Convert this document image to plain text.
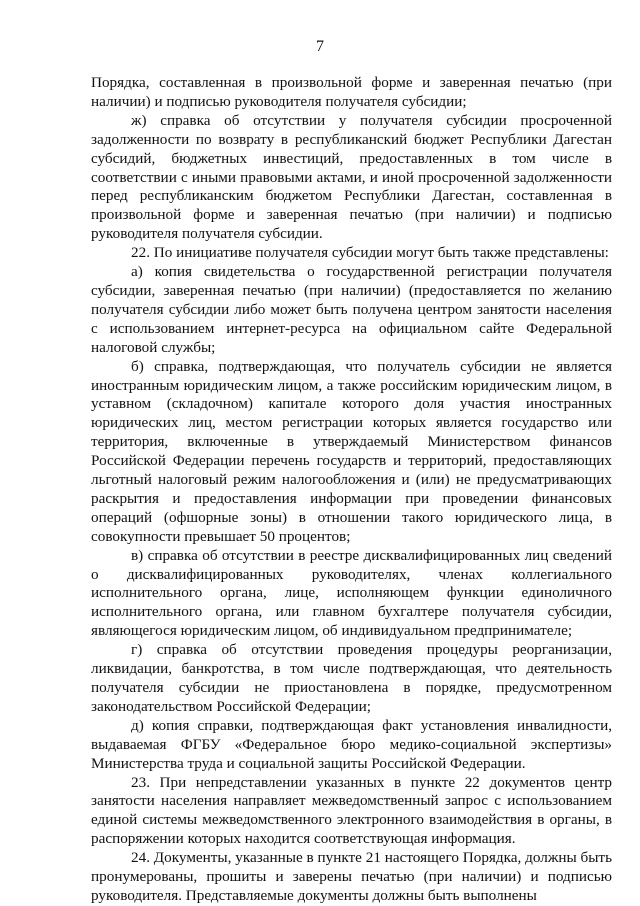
7

Порядка, составленная в произвольной форме и заверенная печатью (при наличии) и подписью руководителя получателя субсидии;

ж) справка об отсутствии у получателя субсидии просроченной задолженности по возврату в республиканский бюджет Республики Дагестан субсидий, бюджетных инвестиций, предоставленных в том числе в соответствии с иными правовыми актами, и иной просроченной задолженности перед республиканским бюджетом Республики Дагестан, составленная в произвольной форме и заверенная печатью (при наличии) и подписью руководителя получателя субсидии.

22. По инициативе получателя субсидии могут быть также представлены:

а) копия свидетельства о государственной регистрации получателя субсидии, заверенная печатью (при наличии) (предоставляется по желанию получателя субсидии либо может быть получена центром занятости населения с использованием интернет-ресурса на официальном сайте Федеральной налоговой службы;

б) справка, подтверждающая, что получатель субсидии не является иностранным юридическим лицом, а также российским юридическим лицом, в уставном (складочном) капитале которого доля участия иностранных юридических лиц, местом регистрации которых является государство или территория, включенные в утверждаемый Министерством финансов Российской Федерации перечень государств и территорий, предоставляющих льготный налоговый режим налогообложения и (или) не предусматривающих раскрытия и предоставления информации при проведении финансовых операций (офшорные зоны) в отношении такого юридического лица, в совокупности превышает 50 процентов;

в) справка об отсутствии в реестре дисквалифицированных лиц сведений о дисквалифицированных руководителях, членах коллегиального исполнительного органа, лице, исполняющем функции единоличного исполнительного органа, или главном бухгалтере получателя субсидии, являющегося юридическим лицом, об индивидуальном предпринимателе;

г) справка об отсутствии проведения процедуры реорганизации, ликвидации, банкротства, в том числе подтверждающая, что деятельность получателя субсидии не приостановлена в порядке, предусмотренном законодательством Российской Федерации;

д) копия справки, подтверждающая факт установления инвалидности, выдаваемая ФГБУ «Федеральное бюро медико-социальной экспертизы» Министерства труда и социальной защиты Российской Федерации.

23. При непредставлении указанных в пункте 22 документов центр занятости населения направляет межведомственный запрос с использованием единой системы межведомственного электронного взаимодействия в органы, в распоряжении которых находится соответствующая информация.

24. Документы, указанные в пункте 21 настоящего Порядка, должны быть пронумерованы, прошиты и заверены печатью (при наличии) и подписью руководителя. Представляемые документы должны быть выполнены
